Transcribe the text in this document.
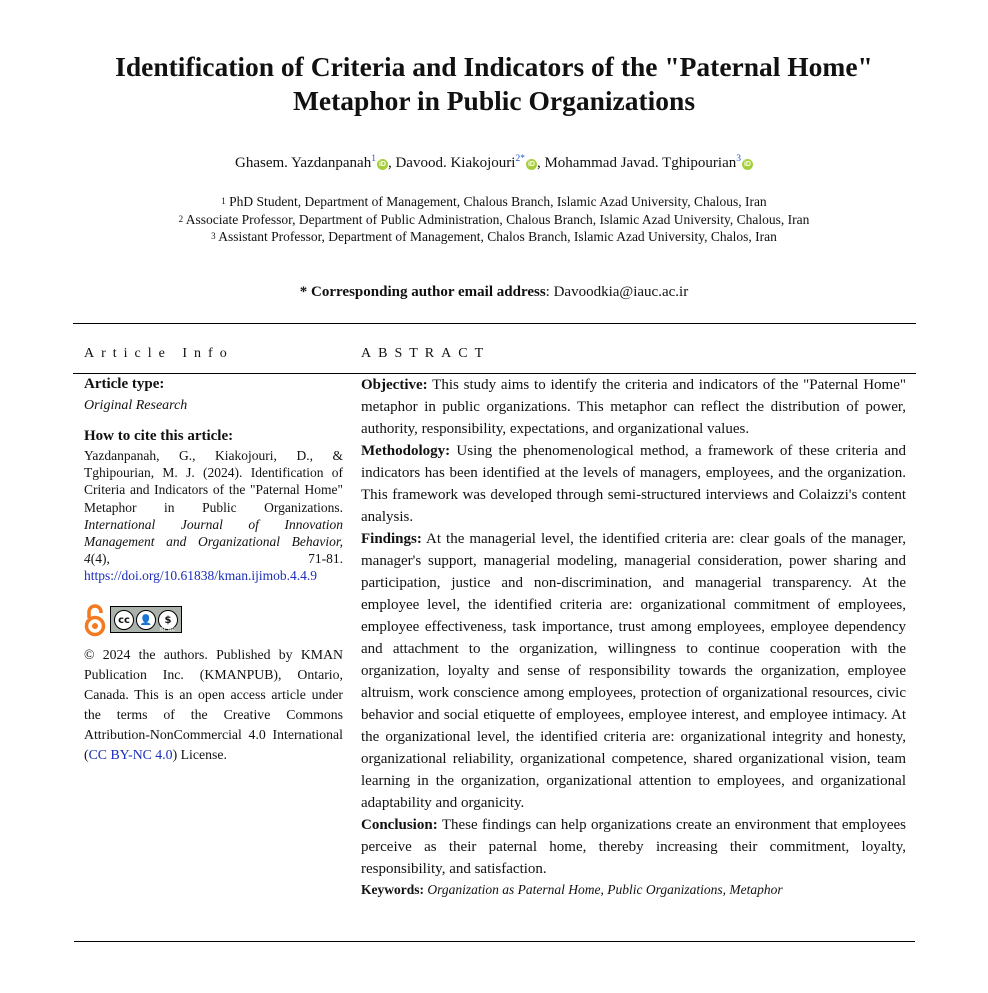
Identification of Criteria and Indicators of the "Paternal Home" Metaphor in Public Organizations
Ghasem. Yazdanpanah$^1$iD , Davood. Kiakojouri$^{2*}$iD , Mohammad Javad. Tghipourian$^3$iD
$^1$ PhD Student, Department of Management, Chalous Branch, Islamic Azad University, Chalous, Iran
$^2$ Associate Professor, Department of Public Administration, Chalous Branch, Islamic Azad University, Chalous, Iran
$^3$ Assistant Professor, Department of Management, Chalos Branch, Islamic Azad University, Chalos, Iran
* Corresponding author email address: Davoodkia@iauc.ac.ir
Article Info	ABSTRACT
Article type:
Original Research
How to cite this article:
Yazdanpanah, G., Kiakojouri, D., & Tghipourian, M. J. (2024). Identification of Criteria and Indicators of the "Paternal Home" Metaphor in Public Organizations. International Journal of Innovation Management and Organizational Behavior, 4(4), 71-81. https://doi.org/10.61838/kman.ijimob.4.4.9
cc 👤	$
BY NC
© 2024 the authors. Published by KMAN Publication Inc. (KMANPUB), Ontario, Canada. This is an open access article under the terms of the Creative Commons Attribution-NonCommercial 4.0 International (CC BY-NC 4.0) License.

Objective: This study aims to identify the criteria and indicators of the "Paternal Home" metaphor in public organizations. This metaphor can reflect the distribution of power, authority, responsibility, expectations, and organizational values.

Methodology: Using the phenomenological method, a framework of these criteria and indicators has been identified at the levels of managers, employees, and the organization. This framework was developed through semi-structured interviews and Colaizzi's content analysis.

Findings: At the managerial level, the identified criteria are: clear goals of the manager, manager's support, managerial modeling, managerial consideration, power sharing and participation, justice and non-discrimination, and managerial transparency. At the employee level, the identified criteria are: organizational commitment of employees, employee effectiveness, task importance, trust among employees, employee dependency and attachment to the organization, willingness to continue cooperation with the organization, loyalty and sense of responsibility towards the organization, employee altruism, work conscience among employees, protection of organizational resources, civic behavior and social etiquette of employees, employee interest, and employee intimacy. At the organizational level, the identified criteria are: organizational integrity and honesty, organizational reliability, organizational competence, shared organizational vision, team learning in the organization, organizational attention to employees, and organizational adaptability and organicity.

Conclusion: These findings can help organizations create an environment that employees perceive as their paternal home, thereby increasing their commitment, loyalty, responsibility, and satisfaction.

Keywords: Organization as Paternal Home, Public Organizations, Metaphor
